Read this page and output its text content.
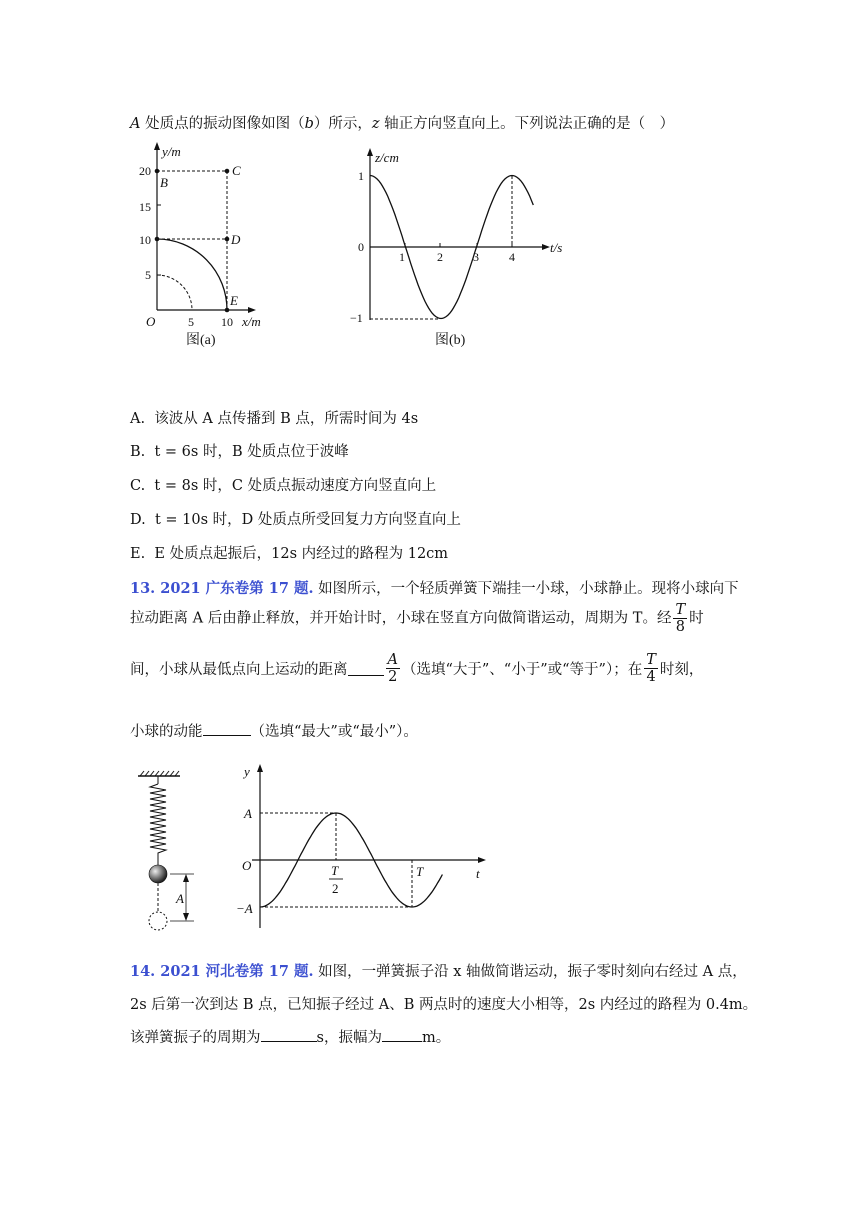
A 处质点的振动图像如图（b）所示，z 轴正方向竖直向上。下列说法正确的是（　）
y/m
x/m
O
5
10
15
20
5 10
B
C
D
E
图(a)
z/cm
t/s
1
0
−1
1	2	3	4
图(b)
A. 该波从 A 点传播到 B 点，所需时间为 4s
B. t = 6s 时，B 处质点位于波峰
C. t = 8s 时，C 处质点振动速度方向竖直向上
D. t = 10s 时，D 处质点所受回复力方向竖直向上
E. E 处质点起振后，12s 内经过的路程为 12cm
13. 2021 广东卷第 17 题. 如图所示，一个轻质弹簧下端挂一小球，小球静止。现将小球向下
拉动距离 A 后由静止释放，并开始计时，小球在竖直方向做简谐运动，周期为 T。经 $\frac{T}{8}$ 时
间，小球从最低点向上运动的距离	$\frac{A}{2}$ （选填“大于”、“小于”或“等于”）；在 $\frac{T}{4}$ 时刻，
小球的动能	（选填“最大”或“最小”）。
A
y
t
O
A
−A
T
2
T
14. 2021 河北卷第 17 题. 如图，一弹簧振子沿 x 轴做简谐运动，振子零时刻向右经过 A 点，
2s 后第一次到达 B 点，已知振子经过 A、B 两点时的速度大小相等，2s 内经过的路程为 0.4m。
该弹簧振子的周期为	s，振幅为	m。
